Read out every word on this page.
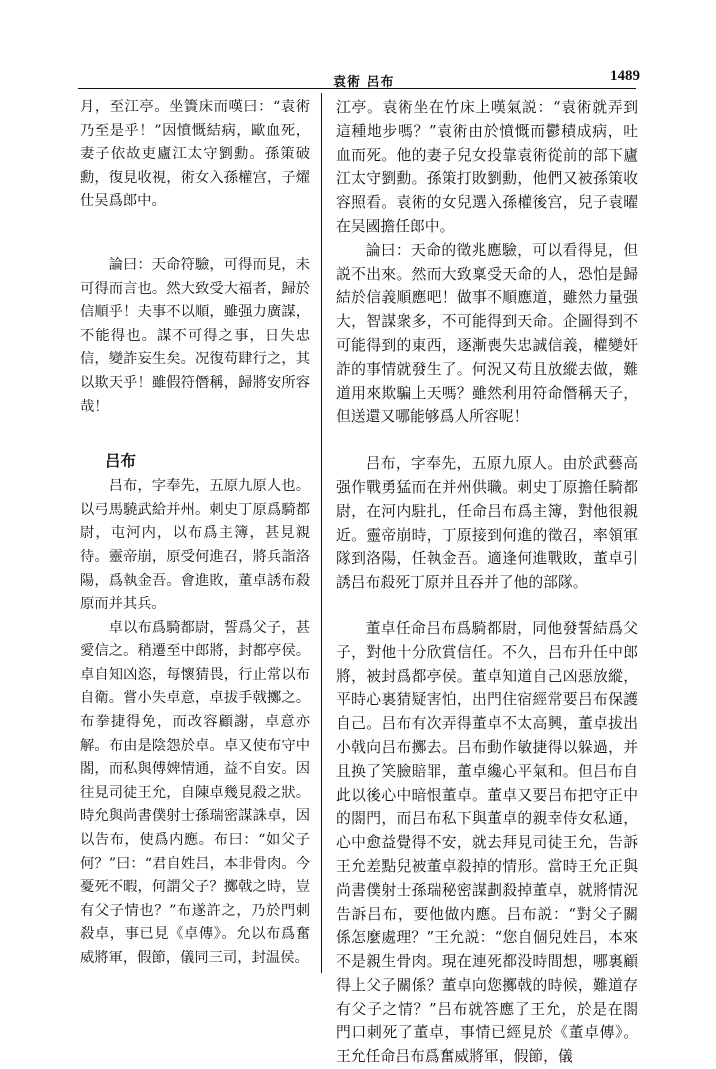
袁術 呂布	1489

月，至江亭。坐簀床而嘆曰：“袁術乃至是乎！”因憤慨結病，歐血死，妻子依故吏廬江太守劉勳。孫策破勳，復見收視，術女入孫權宫，子燿仕吴爲郎中。

論曰：天命符驗，可得而見，未可得而言也。然大致受大福者，歸於信順乎！夫事不以順，雖强力廣謀，不能得也。謀不可得之事，日失忠信，變詐妄生矣。况復苟肆行之，其以欺天乎！雖假符僭稱，歸將安所容哉！

吕布

吕布，字奉先，五原九原人也。以弓馬驍武給并州。刺史丁原爲騎都尉，屯河内，以布爲主簿，甚見親待。靈帝崩，原受何進召，將兵詣洛陽，爲執金吾。會進敗，董卓誘布殺原而并其兵。

卓以布爲騎都尉，誓爲父子，甚愛信之。稍遷至中郎將，封都亭侯。卓自知凶恣，每懷猜畏，行止常以布自衛。嘗小失卓意，卓拔手戟擲之。布拳捷得免，而改容顧謝，卓意亦解。布由是陰怨於卓。卓又使布守中閤，而私與傅婢情通，益不自安。因往見司徒王允，自陳卓幾見殺之狀。時允與尚書僕射士孫瑞密謀誅卓，因以告布，使爲内應。布曰：“如父子何？”曰：“君自姓吕，本非骨肉。今憂死不暇，何謂父子？擲戟之時，豈有父子情也？”布遂許之，乃於門刺殺卓，事已見《卓傳》。允以布爲奮威將軍，假節，儀同三司，封温侯。

江亭。袁術坐在竹床上嘆氣説：“袁術就弄到這種地步嗎？”袁術由於憤慨而鬱積成病，吐血而死。他的妻子兒女投靠袁術從前的部下廬江太守劉勳。孫策打敗劉勳，他們又被孫策收容照看。袁術的女兒選入孫權後宫，兒子袁曜在吴國擔任郎中。

論曰：天命的徵兆應驗，可以看得見，但説不出來。然而大致稟受天命的人，恐怕是歸結於信義順應吧！做事不順應道，雖然力量强大，智謀衆多，不可能得到天命。企圖得到不可能得到的東西，逐漸喪失忠誠信義，權變奸詐的事情就發生了。何況又苟且放縱去做，難道用來欺騙上天嗎？雖然利用符命僭稱天子，但送還又哪能够爲人所容呢！

吕布，字奉先，五原九原人。由於武藝高强作戰勇猛而在并州供職。刺史丁原擔任騎都尉，在河内駐扎，任命吕布爲主簿，對他很親近。靈帝崩時，丁原接到何進的徵召，率領軍隊到洛陽，任執金吾。適逢何進戰敗，董卓引誘吕布殺死丁原并且吞并了他的部隊。

董卓任命吕布爲騎都尉，同他發誓結爲父子，對他十分欣賞信任。不久，吕布升任中郎將，被封爲都亭侯。董卓知道自己凶惡放縱，平時心裏猜疑害怕，出門住宿經常要吕布保護自己。吕布有次弄得董卓不太高興，董卓拔出小戟向吕布擲去。吕布動作敏捷得以躲過，并且换了笑臉賠罪，董卓纔心平氣和。但吕布自此以後心中暗恨董卓。董卓又要吕布把守正中的閤門，而吕布私下與董卓的親幸侍女私通，心中愈益覺得不安，就去拜見司徒王允，告訴王允差點兒被董卓殺掉的情形。當時王允正與尚書僕射士孫瑞秘密謀劃殺掉董卓，就將情況告訴吕布，要他做内應。吕布説：“對父子關係怎麼處理？”王允説：“您自個兒姓吕，本來不是親生骨肉。現在連死都没時間想，哪裏顧得上父子關係？董卓向您擲戟的時候，難道存有父子之情？”吕布就答應了王允，於是在閤門口刺死了董卓，事情已經見於《董卓傳》。王允任命吕布爲奮威將軍，假節，儀
